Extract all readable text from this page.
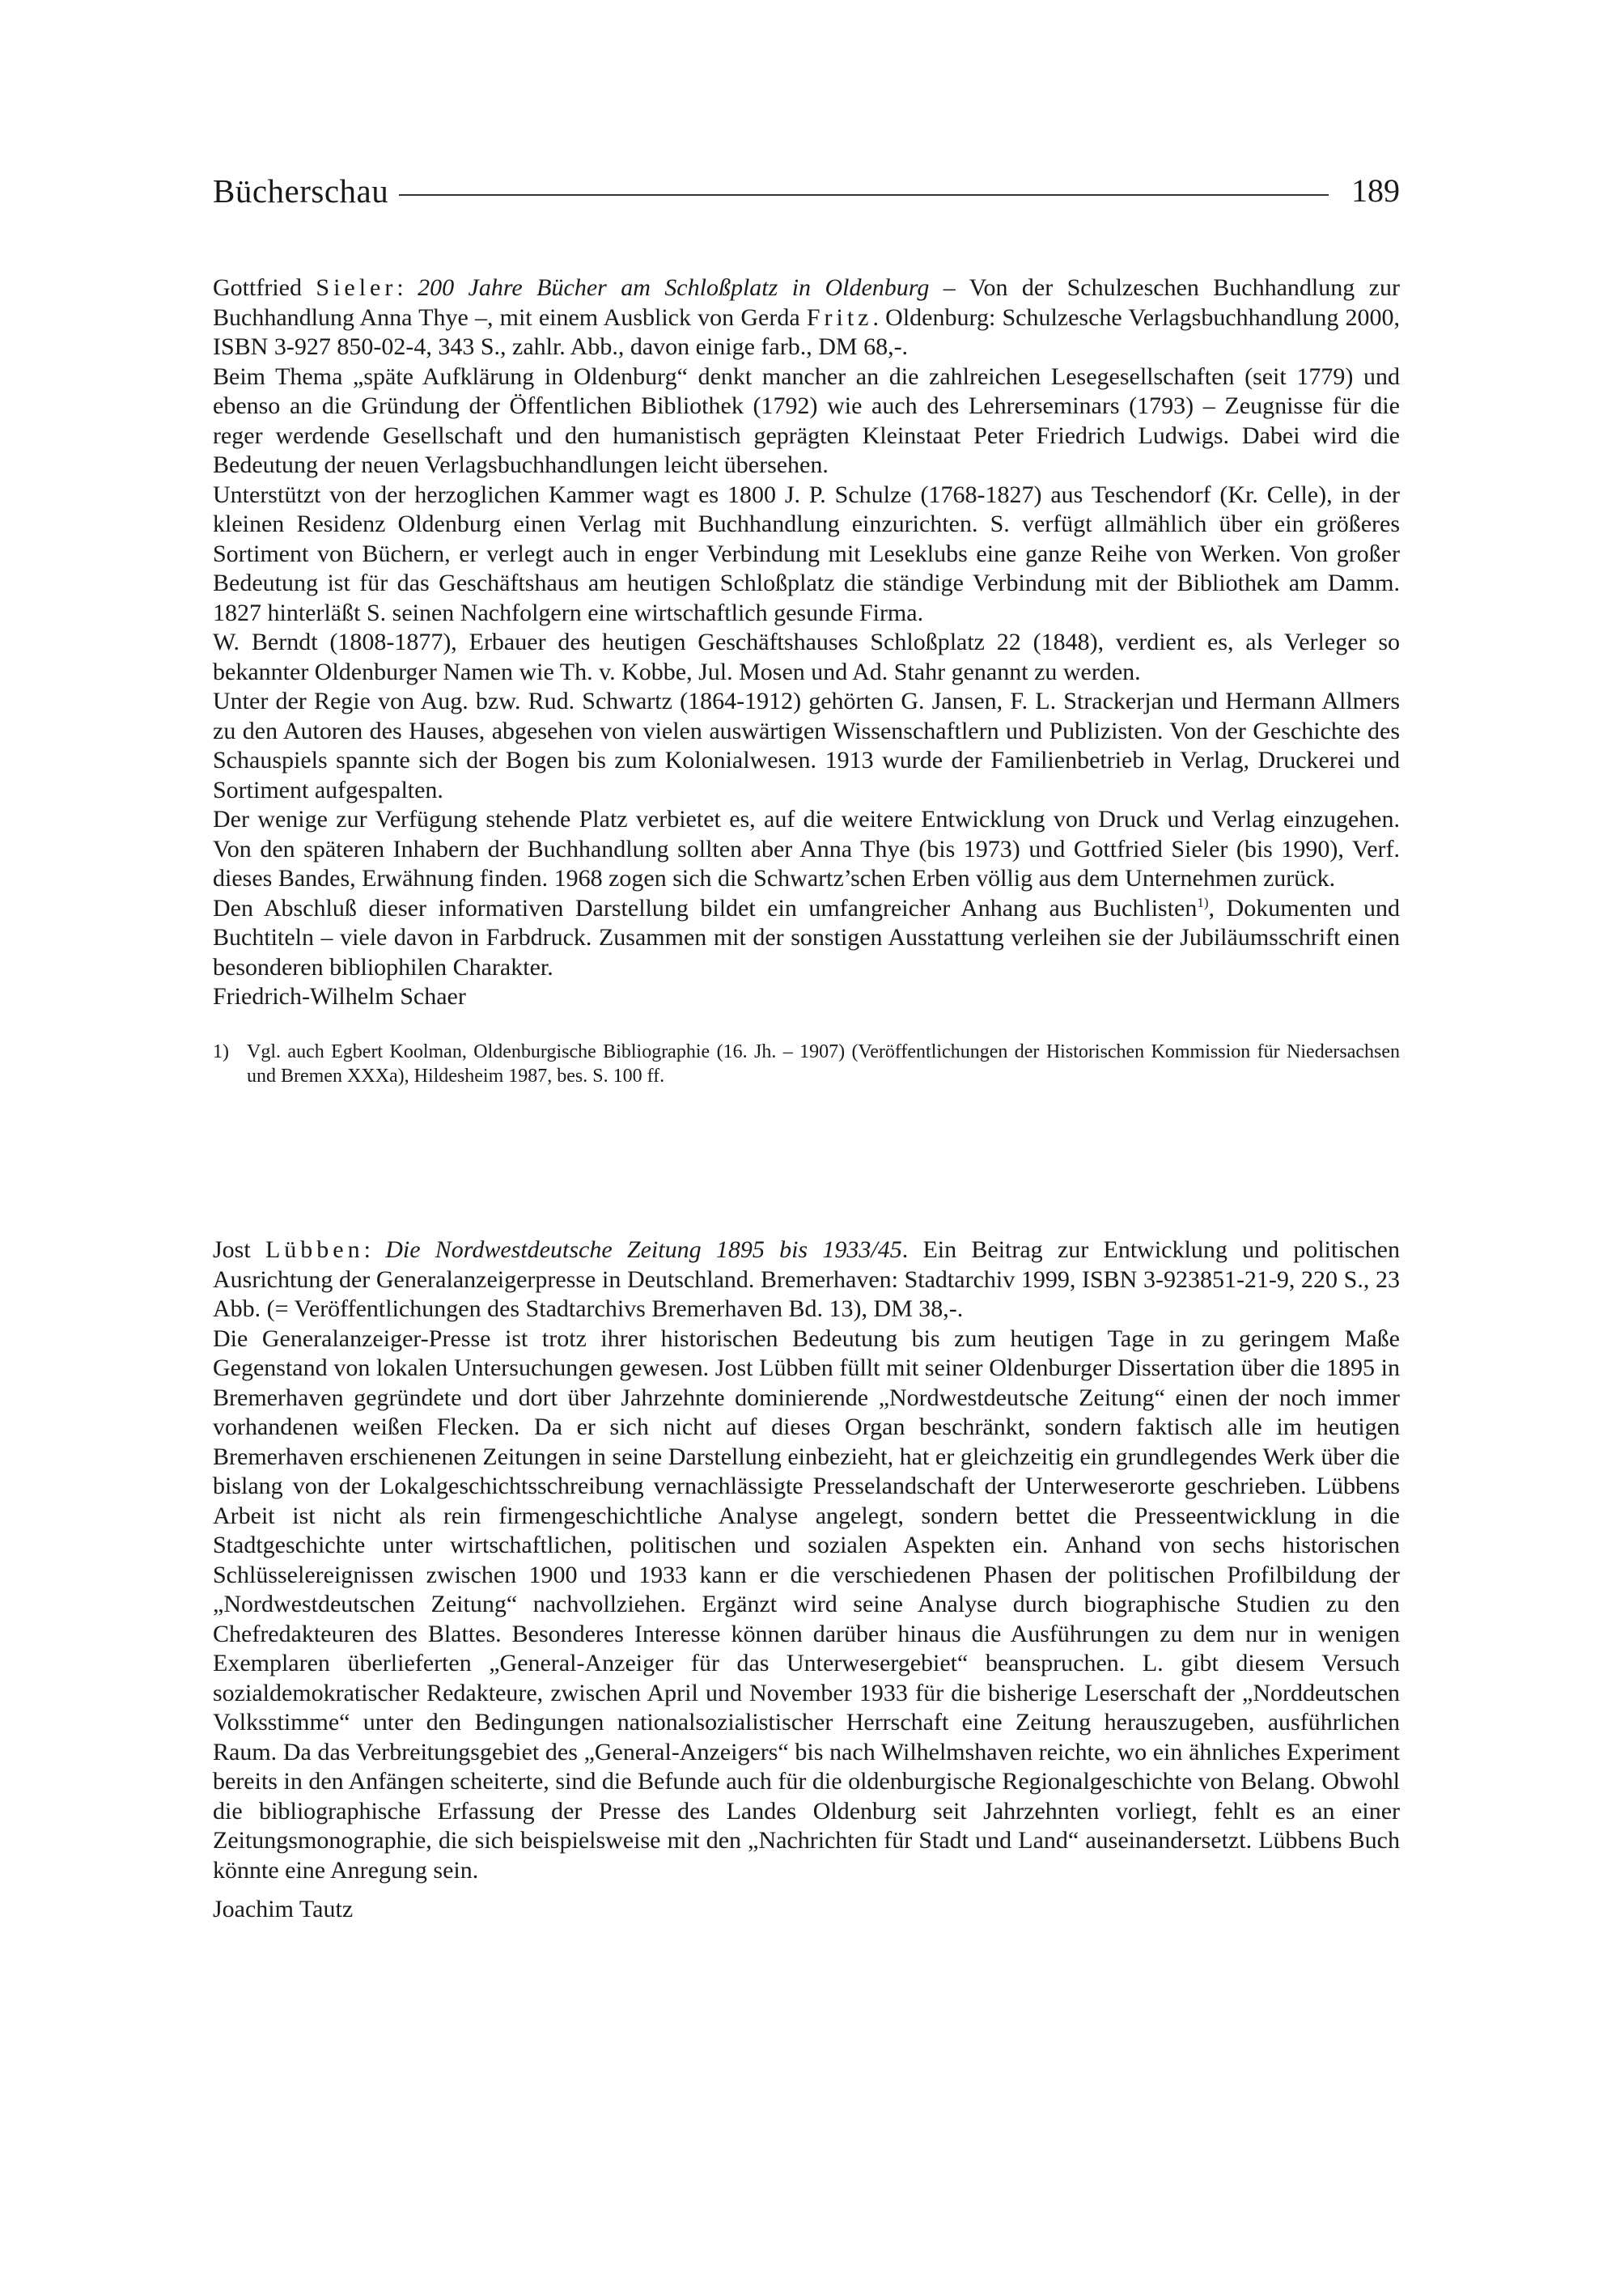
Bücherschau	189

Gottfried Sieler: 200 Jahre Bücher am Schloßplatz in Oldenburg – Von der Schulzeschen Buchhandlung zur Buchhandlung Anna Thye –, mit einem Ausblick von Gerda Fritz. Oldenburg: Schulzesche Verlagsbuchhandlung 2000, ISBN 3-927 850-02-4, 343 S., zahlr. Abb., davon einige farb., DM 68,-.

Beim Thema „späte Aufklärung in Oldenburg“ denkt mancher an die zahlreichen Lesegesellschaften (seit 1779) und ebenso an die Gründung der Öffentlichen Bibliothek (1792) wie auch des Lehrerseminars (1793) – Zeugnisse für die reger werdende Gesellschaft und den humanistisch geprägten Kleinstaat Peter Friedrich Ludwigs. Dabei wird die Bedeutung der neuen Verlagsbuchhandlungen leicht übersehen.

Unterstützt von der herzoglichen Kammer wagt es 1800 J. P. Schulze (1768-1827) aus Teschendorf (Kr. Celle), in der kleinen Residenz Oldenburg einen Verlag mit Buchhandlung einzurichten. S. verfügt allmählich über ein größeres Sortiment von Büchern, er verlegt auch in enger Verbindung mit Leseklubs eine ganze Reihe von Werken. Von großer Bedeutung ist für das Geschäftshaus am heutigen Schloßplatz die ständige Verbindung mit der Bibliothek am Damm. 1827 hinterläßt S. seinen Nachfolgern eine wirtschaftlich gesunde Firma.

W. Berndt (1808-1877), Erbauer des heutigen Geschäftshauses Schloßplatz 22 (1848), verdient es, als Verleger so bekannter Oldenburger Namen wie Th. v. Kobbe, Jul. Mosen und Ad. Stahr genannt zu werden.

Unter der Regie von Aug. bzw. Rud. Schwartz (1864-1912) gehörten G. Jansen, F. L. Strackerjan und Hermann Allmers zu den Autoren des Hauses, abgesehen von vielen auswärtigen Wissenschaftlern und Publizisten. Von der Geschichte des Schauspiels spannte sich der Bogen bis zum Kolonialwesen. 1913 wurde der Familienbetrieb in Verlag, Druckerei und Sortiment aufgespalten.

Der wenige zur Verfügung stehende Platz verbietet es, auf die weitere Entwicklung von Druck und Verlag einzugehen. Von den späteren Inhabern der Buchhandlung sollten aber Anna Thye (bis 1973) und Gottfried Sieler (bis 1990), Verf. dieses Bandes, Erwähnung finden. 1968 zogen sich die Schwartz’schen Erben völlig aus dem Unternehmen zurück.

Den Abschluß dieser informativen Darstellung bildet ein umfangreicher Anhang aus Buchlisten$^{1)}$, Dokumenten und Buchtiteln – viele davon in Farbdruck. Zusammen mit der sonstigen Ausstattung verleihen sie der Jubiläumsschrift einen besonderen bibliophilen Charakter.

Friedrich-Wilhelm Schaer

1) Vgl. auch Egbert Koolman, Oldenburgische Bibliographie (16. Jh. – 1907) (Veröffentlichungen der Historischen Kommission für Niedersachsen und Bremen XXXa), Hildesheim 1987, bes. S. 100 ff.

Jost Lübben: Die Nordwestdeutsche Zeitung 1895 bis 1933/45. Ein Beitrag zur Entwicklung und politischen Ausrichtung der Generalanzeigerpresse in Deutschland. Bremerhaven: Stadtarchiv 1999, ISBN 3-923851-21-9, 220 S., 23 Abb. (= Veröffentlichungen des Stadtarchivs Bremerhaven Bd. 13), DM 38,-.

Die Generalanzeiger-Presse ist trotz ihrer historischen Bedeutung bis zum heutigen Tage in zu geringem Maße Gegenstand von lokalen Untersuchungen gewesen. Jost Lübben füllt mit seiner Oldenburger Dissertation über die 1895 in Bremerhaven gegründete und dort über Jahrzehnte dominierende „Nordwestdeutsche Zeitung“ einen der noch immer vorhandenen weißen Flecken. Da er sich nicht auf dieses Organ beschränkt, sondern faktisch alle im heutigen Bremerhaven erschienenen Zeitungen in seine Darstellung einbezieht, hat er gleichzeitig ein grundlegendes Werk über die bislang von der Lokalgeschichtsschreibung vernachlässigte Presselandschaft der Unterweserorte geschrieben. Lübbens Arbeit ist nicht als rein firmengeschichtliche Analyse angelegt, sondern bettet die Presseentwicklung in die Stadtgeschichte unter wirtschaftlichen, politischen und sozialen Aspekten ein. Anhand von sechs historischen Schlüsselereignissen zwischen 1900 und 1933 kann er die verschiedenen Phasen der politischen Profilbildung der „Nordwestdeutschen Zeitung“ nachvollziehen. Ergänzt wird seine Analyse durch biographische Studien zu den Chefredakteuren des Blattes. Besonderes Interesse können darüber hinaus die Ausführungen zu dem nur in wenigen Exemplaren überlieferten „General-Anzeiger für das Unterwesergebiet“ beanspruchen. L. gibt diesem Versuch sozialdemokratischer Redakteure, zwischen April und November 1933 für die bisherige Leserschaft der „Norddeutschen Volksstimme“ unter den Bedingungen nationalsozialistischer Herrschaft eine Zeitung herauszugeben, ausführlichen Raum. Da das Verbreitungsgebiet des „General-Anzeigers“ bis nach Wilhelmshaven reichte, wo ein ähnliches Experiment bereits in den Anfängen scheiterte, sind die Befunde auch für die oldenburgische Regionalgeschichte von Belang. Obwohl die bibliographische Erfassung der Presse des Landes Oldenburg seit Jahrzehnten vorliegt, fehlt es an einer Zeitungsmonographie, die sich beispielsweise mit den „Nachrichten für Stadt und Land“ auseinandersetzt. Lübbens Buch könnte eine Anregung sein.

Joachim Tautz
